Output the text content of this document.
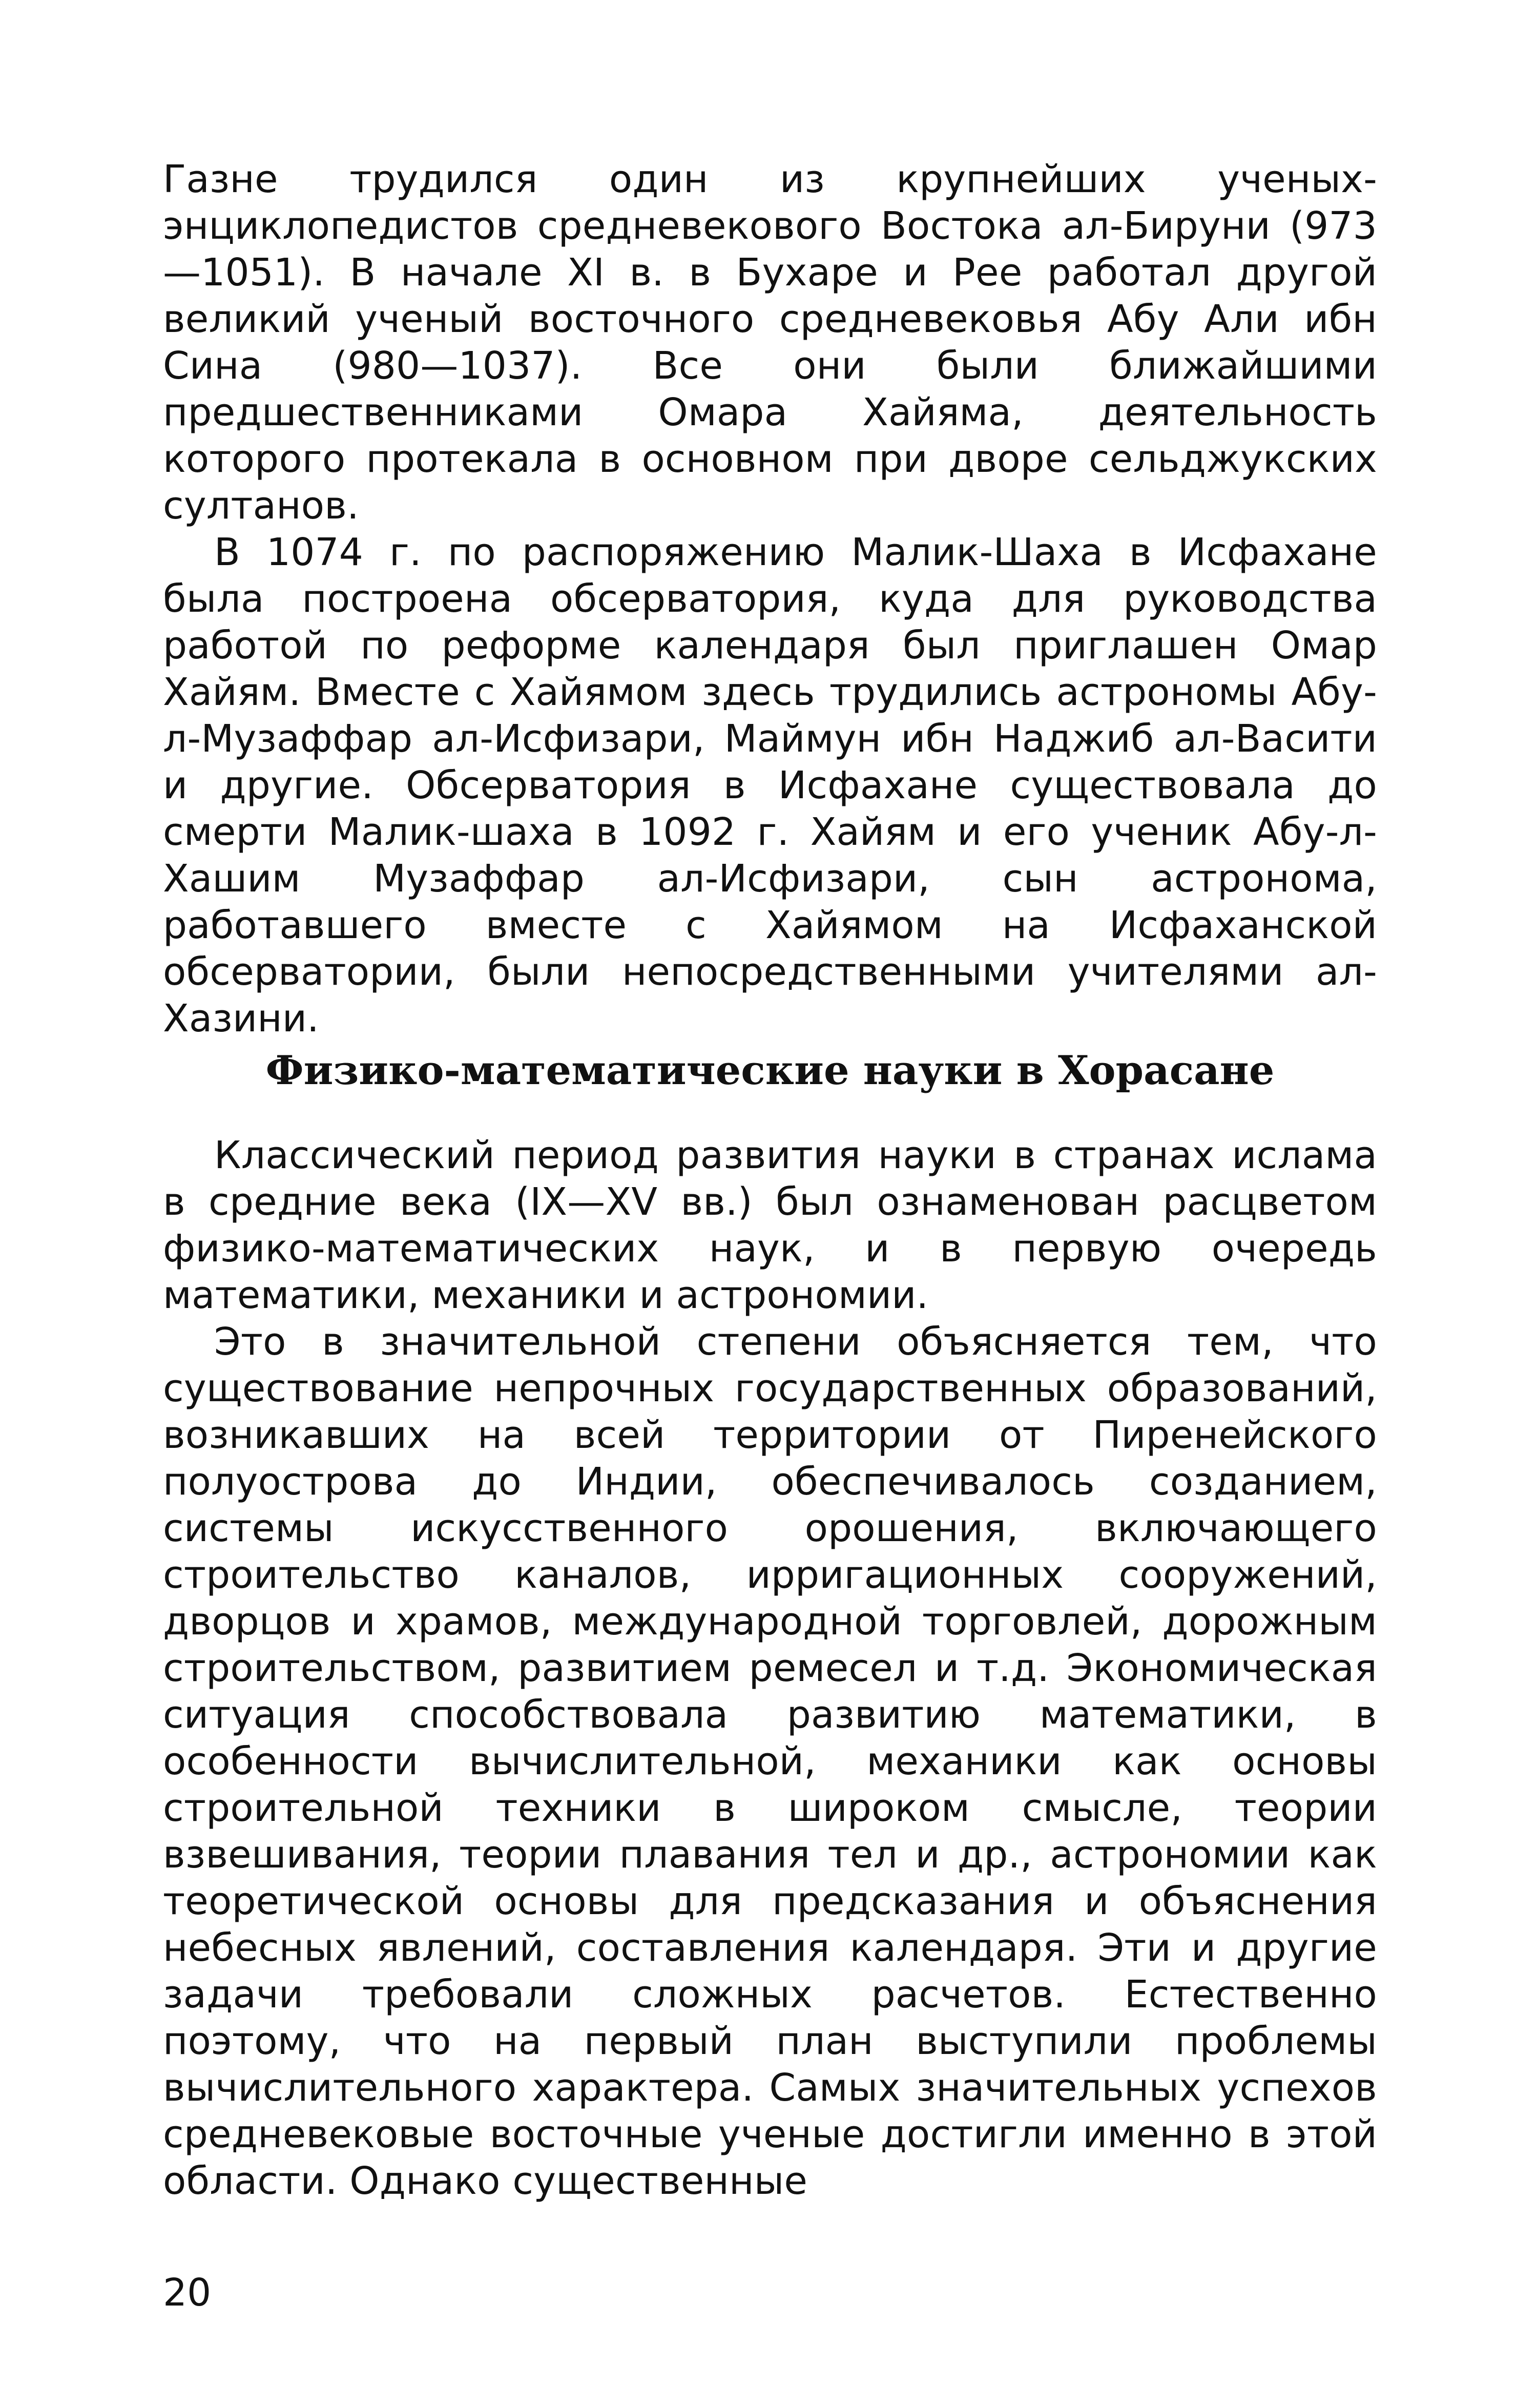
Газне трудился один из крупнейших ученых-энциклопедистов средневекового Востока ал-Бируни (973—1051). В начале XI в. в Бухаре и Рее работал другой великий ученый восточного средневековья Абу Али ибн Сина (980—1037). Все они были ближайшими предшественниками Омара Хайяма, деятельность которого протекала в основном при дворе сельджукских султанов.

В 1074 г. по распоряжению Малик-Шаха в Исфахане была построена обсерватория, куда для руководства работой по реформе календаря был приглашен Омар Хайям. Вместе с Хайямом здесь трудились астрономы Абу-л-Музаффар ал-Исфизари, Маймун ибн Наджиб ал-Васити и другие. Обсерватория в Исфахане существовала до смерти Малик-шаха в 1092 г. Хайям и его ученик Абу-л-Хашим Музаффар ал-Исфизари, сын астронома, работавшего вместе с Хайямом на Исфаханской обсерватории, были непосредственными учителями ал-Хазини.

Физико-математические науки в Хорасане

Классический период развития науки в странах ислама в средние века (IX—XV вв.) был ознаменован расцветом физико-математических наук, и в первую очередь математики, механики и астрономии.

Это в значительной степени объясняется тем, что существование непрочных государственных образований, возникавших на всей территории от Пиренейского полуострова до Индии, обеспечивалось созданием, системы искусственного орошения, включающего строительство каналов, ирригационных сооружений, дворцов и храмов, международной торговлей, дорожным строительством, развитием ремесел и т.д. Экономическая ситуация способствовала развитию математики, в особенности вычислительной, механики как основы строительной техники в широком смысле, теории взвешивания, теории плавания тел и др., астрономии как теоретической основы для предсказания и объяснения небесных явлений, составления календаря. Эти и другие задачи требовали сложных расчетов. Естественно поэтому, что на первый план выступили проблемы вычислительного характера. Самых значительных успехов средневековые восточные ученые достигли именно в этой области. Однако существенные

20
